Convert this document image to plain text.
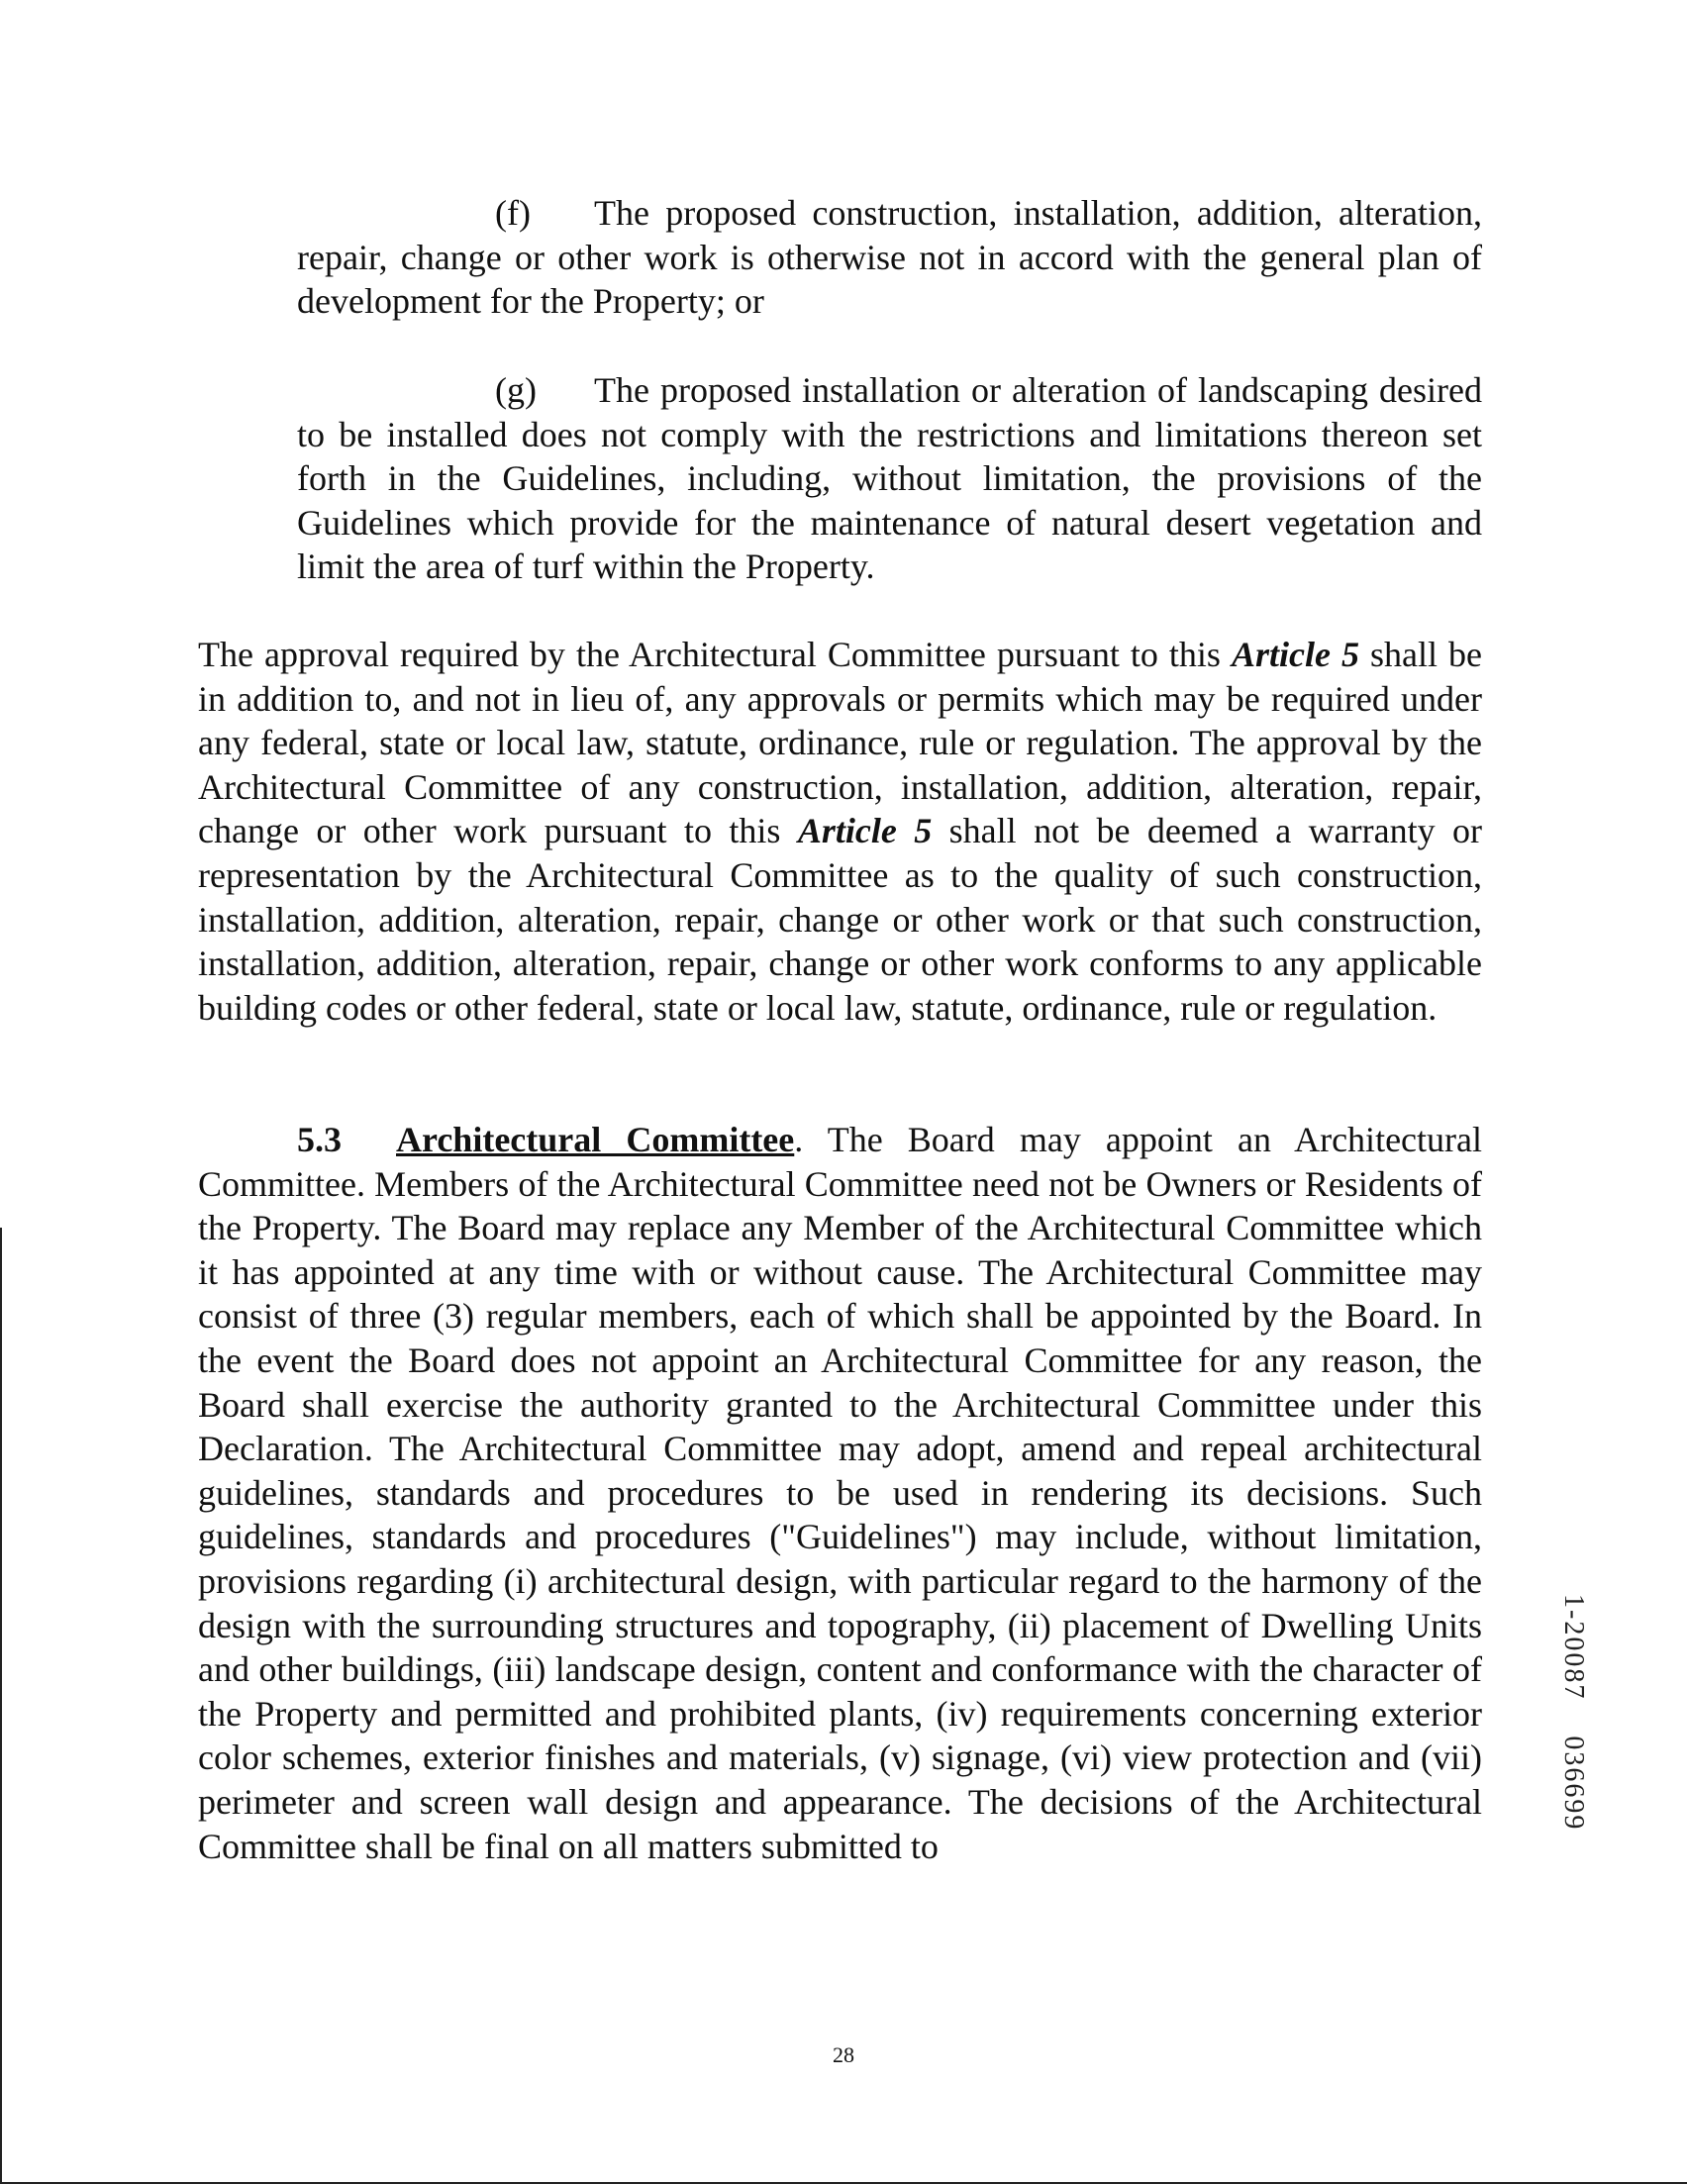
(f) The proposed construction, installation, addition, alteration, repair, change or other work is otherwise not in accord with the general plan of development for the Property; or
(g) The proposed installation or alteration of landscaping desired to be installed does not comply with the restrictions and limitations thereon set forth in the Guidelines, including, without limitation, the provisions of the Guidelines which provide for the maintenance of natural desert vegetation and limit the area of turf within the Property.
The approval required by the Architectural Committee pursuant to this Article 5 shall be in addition to, and not in lieu of, any approvals or permits which may be required under any federal, state or local law, statute, ordinance, rule or regulation. The approval by the Architectural Committee of any construction, installation, addition, alteration, repair, change or other work pursuant to this Article 5 shall not be deemed a warranty or representation by the Architectural Committee as to the quality of such construction, installation, addition, alteration, repair, change or other work or that such construction, installation, addition, alteration, repair, change or other work conforms to any applicable building codes or other federal, state or local law, statute, ordinance, rule or regulation.
5.3 Architectural Committee. The Board may appoint an Architectural Committee. Members of the Architectural Committee need not be Owners or Residents of the Property. The Board may replace any Member of the Architectural Committee which it has appointed at any time with or without cause. The Architectural Committee may consist of three (3) regular members, each of which shall be appointed by the Board. In the event the Board does not appoint an Architectural Committee for any reason, the Board shall exercise the authority granted to the Architectural Committee under this Declaration. The Architectural Committee may adopt, amend and repeal architectural guidelines, standards and procedures to be used in rendering its decisions. Such guidelines, standards and procedures ("Guidelines") may include, without limitation, provisions regarding (i) architectural design, with particular regard to the harmony of the design with the surrounding structures and topography, (ii) placement of Dwelling Units and other buildings, (iii) landscape design, content and conformance with the character of the Property and permitted and prohibited plants, (iv) requirements concerning exterior color schemes, exterior finishes and materials, (v) signage, (vi) view protection and (vii) perimeter and screen wall design and appearance. The decisions of the Architectural Committee shall be final on all matters submitted to
28
1-20087036699
